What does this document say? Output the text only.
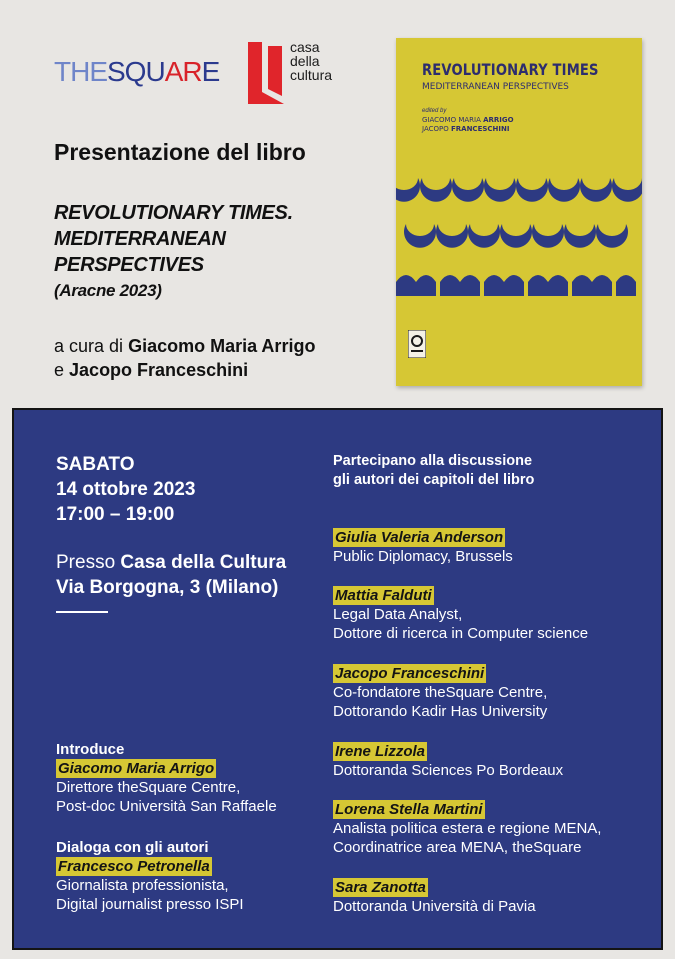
THESQUARE
casa
della
cultura
Presentazione del libro
REVOLUTIONARY TIMES.
MEDITERRANEAN
PERSPECTIVES
(Aracne 2023)
a cura di Giacomo Maria Arrigo
e Jacopo Franceschini
REVOLUTIONARY TIMES
MEDITERRANEAN PERSPECTIVES
edited by
GIACOMO MARIA ARRIGO
JACOPO FRANCESCHINI
SABATO
14 ottobre 2023
17:00 – 19:00
Presso Casa della Cultura
Via Borgogna, 3 (Milano)
Introduce
Giacomo Maria Arrigo
Direttore theSquare Centre,
Post-doc Università San Raffaele
Dialoga con gli autori
Francesco Petronella
Giornalista professionista,
Digital journalist presso ISPI
Partecipano alla discussione
gli autori dei capitoli del libro
Giulia Valeria Anderson
Public Diplomacy, Brussels
Mattia Falduti
Legal Data Analyst,
Dottore di ricerca in Computer science
Jacopo Franceschini
Co-fondatore theSquare Centre,
Dottorando Kadir Has University
Irene Lizzola
Dottoranda Sciences Po Bordeaux
Lorena Stella Martini
Analista politica estera e regione MENA,
Coordinatrice area MENA, theSquare
Sara Zanotta
Dottoranda Università di Pavia
